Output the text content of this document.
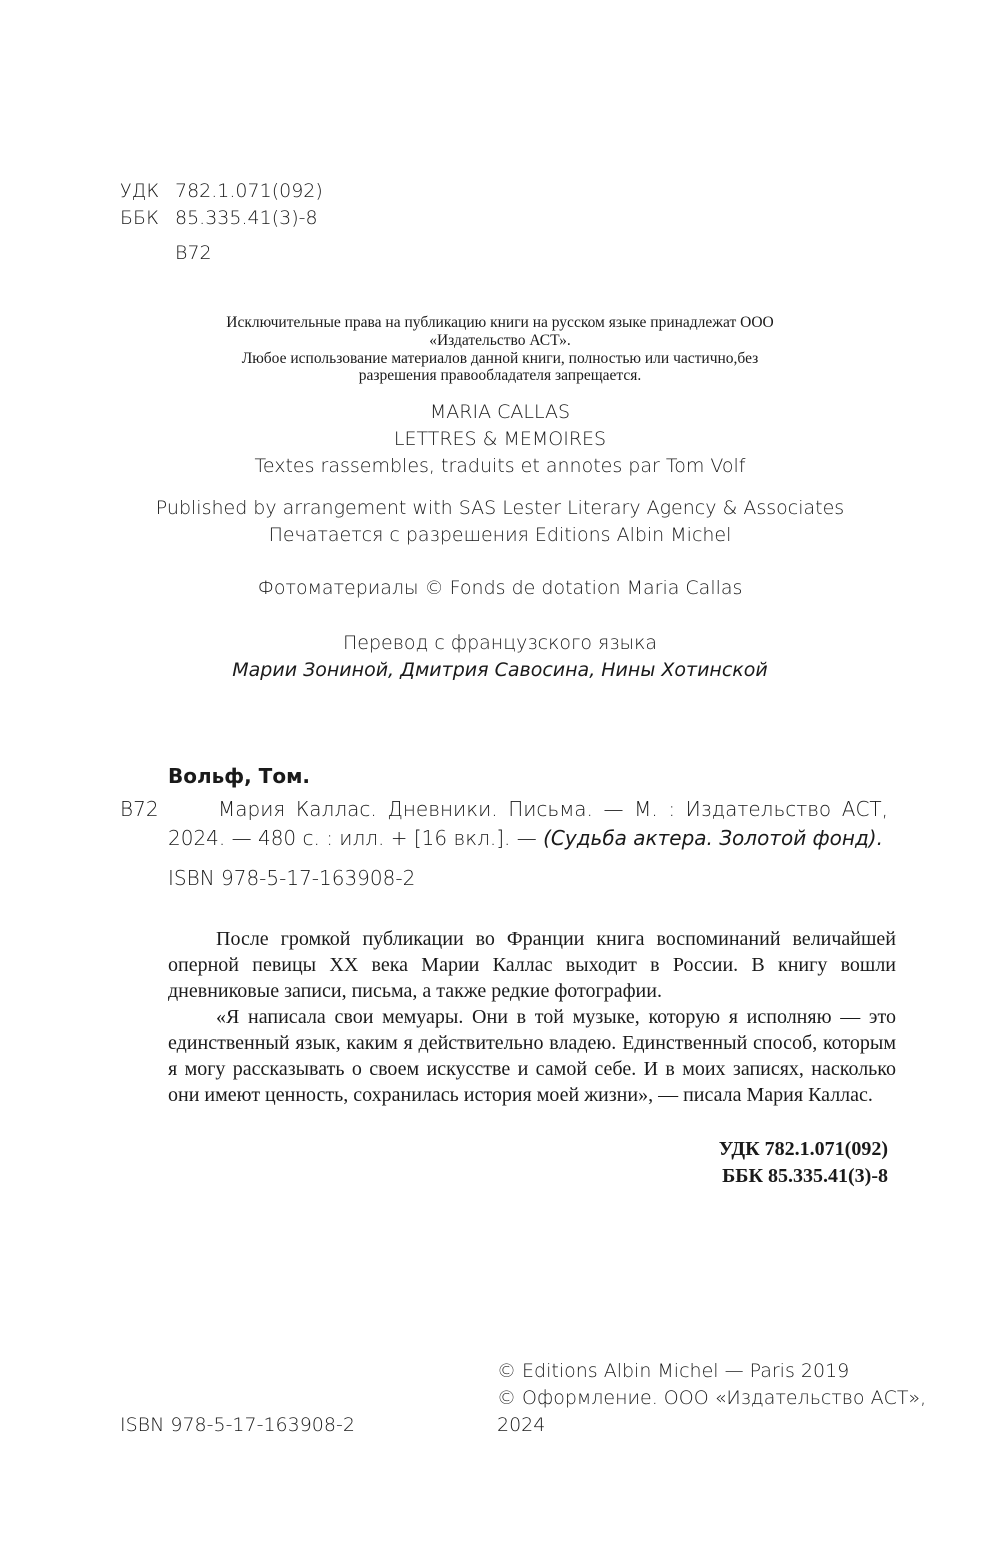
УДК 782.1.071(092)
ББК 85.335.41(3)-8
В72
Исключительные права на публикацию книги на русском языке принадлежат ООО
«Издательство АСТ».
Любое использование материалов данной книги, полностью или частично,без
разрешения правообладателя запрещается.
MARIA CALLAS
LETTRES & MEMOIRES
Textes rassembles, traduits et annotes par Tom Volf
Published by arrangement with SAS Lester Literary Agency & Associates
Печатается с разрешения Editions Albin Michel
Фотоматериалы © Fonds de dotation Maria Callas
Перевод с французского языка
Марии Зониной, Дмитрия Савосина, Нины Хотинской
Вольф, Том.
В72	Мария Каллас. Дневники. Письма. — М. : Издательство АСТ,
2024. — 480 с. : илл. + [16 вкл.]. — (Судьба актера. Золотой фонд).
ISBN 978-5-17-163908-2

После громкой публикации во Франции книга воспоминаний величайшей оперной певицы XX века Марии Каллас выходит в России. В книгу вошли дневниковые записи, письма, а также редкие фотографии.

«Я написала свои мемуары. Они в той музыке, которую я исполняю — это единственный язык, каким я действительно владею. Единственный способ, которым я могу рассказывать о своем искусстве и самой себе. И в моих записях, насколько они имеют ценность, сохранилась история моей жизни», — писала Мария Каллас.

УДК 782.1.071(092)
ББК 85.335.41(3)-8
ISBN 978-5-17-163908-2
© Editions Albin Michel — Paris 2019
© Оформление. ООО «Издательство АСТ»,
2024
